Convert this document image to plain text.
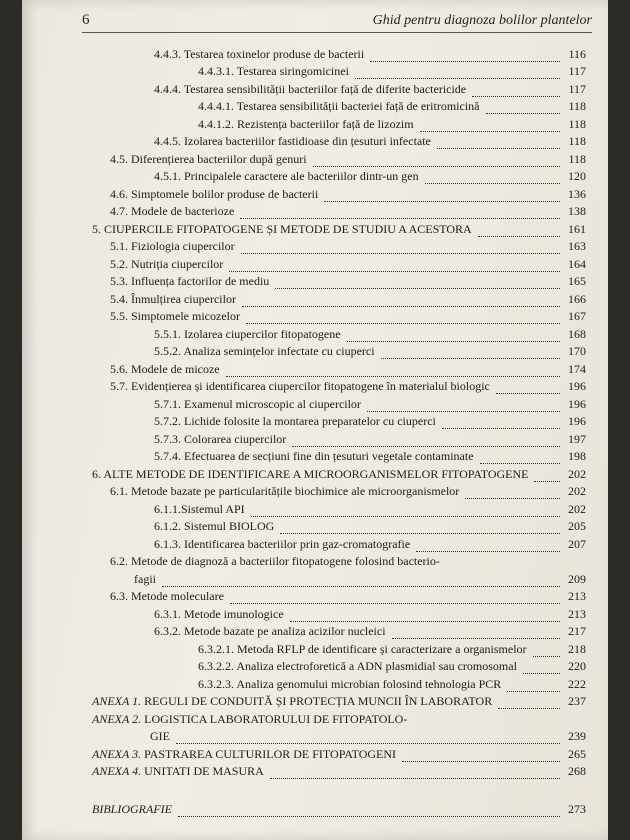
6	Ghid pentru diagnoza bolilor plantelor
4.4.3. Testarea toxinelor produse de bacterii	116
4.4.3.1. Testarea siringomicinei	117
4.4.4. Testarea sensibilității bacteriilor față de diferite bactericide	117
4.4.4.1. Testarea sensibilității bacteriei față de eritromicină	118
4.4.1.2. Rezistența bacteriilor față de lizozim	118
4.4.5. Izolarea bacteriilor fastidioase din țesuturi infectate	118
4.5. Diferențierea bacteriilor după genuri	118
4.5.1. Principalele caractere ale bacteriilor dintr-un gen	120
4.6. Simptomele bolilor produse de bacterii	136
4.7. Modele de bacterioze	138
5. CIUPERCILE FITOPATOGENE ȘI METODE DE STUDIU A ACESTORA	161
5.1. Fiziologia ciupercilor	163
5.2. Nutriția ciupercilor	164
5.3. Influența factorilor de mediu	165
5.4. Înmulțirea ciupercilor	166
5.5. Simptomele micozelor	167
5.5.1. Izolarea ciupercilor fitopatogene	168
5.5.2. Analiza semințelor infectate cu ciuperci	170
5.6. Modele de micoze	174
5.7. Evidențierea și identificarea ciupercilor fitopatogene în materialul biologic	196
5.7.1. Examenul microscopic al ciupercilor	196
5.7.2. Lichide folosite la montarea preparatelor cu ciuperci	196
5.7.3. Colorarea ciupercilor	197
5.7.4. Efectuarea de secțiuni fine din țesuturi vegetale contaminate	198
6. ALTE METODE DE IDENTIFICARE A MICROORGANISMELOR FITOPATOGENE	202
6.1. Metode bazate pe particularitățile biochimice ale microorganismelor	202
6.1.1.Sistemul API	202
6.1.2. Sistemul BIOLOG	205
6.1.3. Identificarea bacteriilor prin gaz-cromatografie	207
6.2. Metode de diagnoză a bacteriilor fitopatogene folosind bacterio-
fagii	209
6.3. Metode moleculare	213
6.3.1. Metode imunologice	213
6.3.2. Metode bazate pe analiza acizilor nucleici	217
6.3.2.1. Metoda RFLP de identificare și caracterizare a organismelor	218
6.3.2.2. Analiza electroforetică a ADN plasmidial sau cromosomal	220
6.3.2.3. Analiza genomului microbian folosind tehnologia PCR	222
ANEXA 1. REGULI DE CONDUITĂ ȘI PROTECȚIA MUNCII ÎN LABORATOR	237
ANEXA 2. LOGISTICA LABORATORULUI DE FITOPATOLO-
GIE	239
ANEXA 3. PASTRAREA CULTURILOR DE FITOPATOGENI	265
ANEXA 4. UNITATI DE MASURA	268
BIBLIOGRAFIE	273
